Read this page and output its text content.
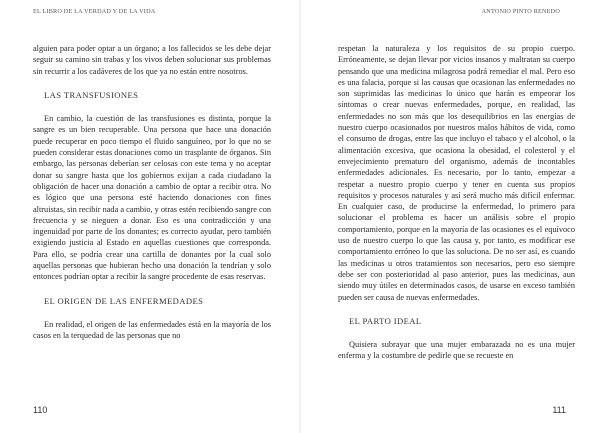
EL LIBRO DE LA VERDAD Y DE LA VIDA

alguien para poder optar a un órgano; a los fallecidos se les debe dejar seguir su camino sin trabas y los vivos deben solucionar sus problemas sin recurrir a los cadáveres de los que ya no están entre nosotros.

LAS TRANSFUSIONES

En cambio, la cuestión de las transfusiones es distinta, porque la sangre es un bien recuperable. Una persona que hace una donación puede recuperar en poco tiempo el fluido sanguíneo, por lo que no se pueden considerar estas donaciones como un trasplante de órganos. Sin embargo, las personas deberían ser celosas con este tema y no aceptar donar su sangre hasta que los gobiernos exijan a cada ciudadano la obligación de hacer una donación a cambio de optar a recibir otra. No es lógico que una persona esté haciendo donaciones con fines altruistas, sin recibir nada a cambio, y otras estén recibiendo sangre con frecuencia y se nieguen a donar. Eso es una contradicción y una ingenuidad por parte de los donantes; es correcto ayudar, pero también exigiendo justicia al Estado en aquellas cuestiones que corresponda. Para ello, se podría crear una cartilla de donantes por la cual solo aquellas personas que hubieran hecho una donación la tendrían y solo entonces podrían optar a recibir la sangre procedente de esas reservas.

EL ORIGEN DE LAS ENFERMEDADES

En realidad, el origen de las enfermedades está en la mayoría de los casos en la terquedad de las personas que no

110
ANTONIO PINTO RENEDO

respetan la naturaleza y los requisitos de su propio cuerpo. Erróneamente, se dejan llevar por vicios insanos y maltratan su cuerpo pensando que una medicina milagrosa podrá remediar el mal. Pero eso es una falacia, porque si las causas que ocasionan las enfermedades no son suprimidas las medicinas lo único que harán es empeorar los síntomas o crear nuevas enfermedades, porque, en realidad, las enfermedades no son más que los desequilibrios en las energías de nuestro cuerpo ocasionados por nuestros malos hábitos de vida, como el consumo de drogas, entre las que incluyo el tabaco y el alcohol, o la alimentación excesiva, que ocasiona la obesidad, el colesterol y el envejecimiento prematuro del organismo, además de incontables enfermedades adicionales. Es necesario, por lo tanto, empezar a respetar a nuestro propio cuerpo y tener en cuenta sus propios requisitos y procesos naturales y así será mucho más difícil enfermar. En cualquier caso, de producirse la enfermedad, lo primero para solucionar el problema es hacer un análisis sobre el propio comportamiento, porque en la mayoría de las ocasiones es el equívoco uso de nuestro cuerpo lo que las causa y, por tanto, es modificar ese comportamiento erróneo lo que las soluciona. De no ser así, es cuando las medicinas u otros tratamientos son necesarios, pero eso siempre debe ser con posterioridad al paso anterior, pues las medicinas, aun siendo muy útiles en determinados casos, de usarse en exceso también pueden ser causa de nuevas enfermedades.

EL PARTO IDEAL

Quisiera subrayar que una mujer embarazada no es una mujer enferma y la costumbre de pedirle que se recueste en

111
